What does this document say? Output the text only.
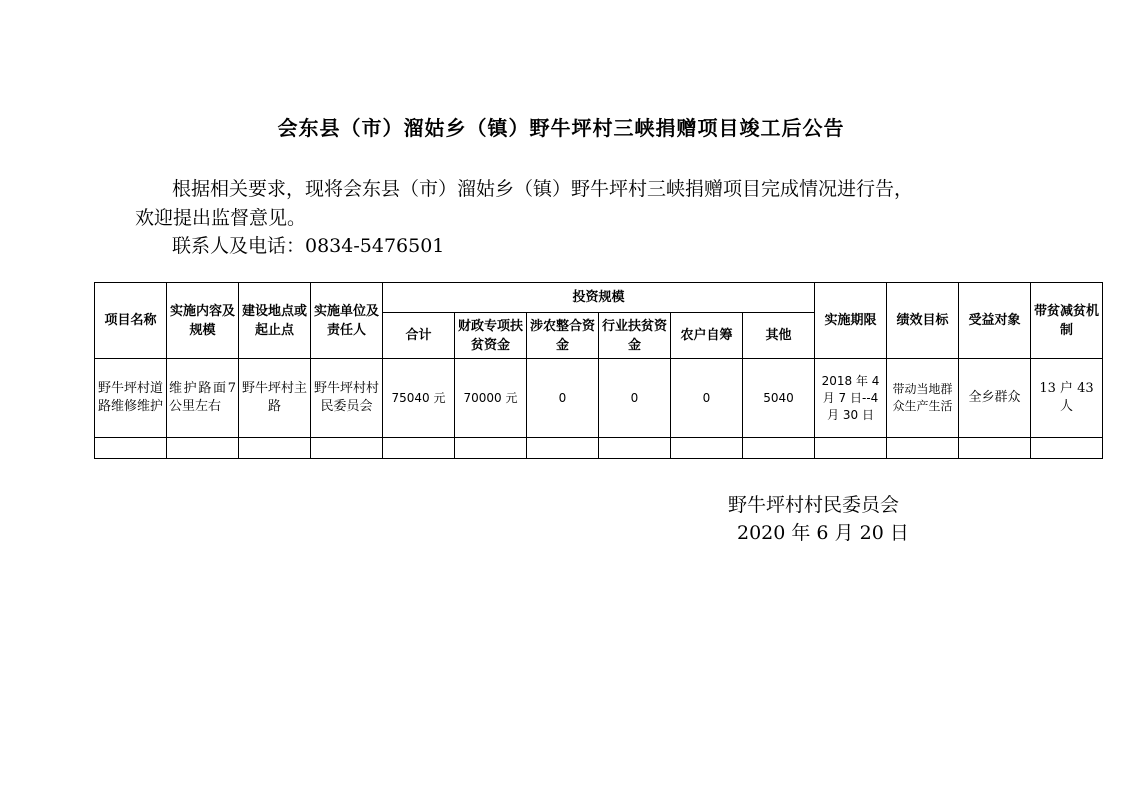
会东县（市）溜姑乡（镇）野牛坪村三峡捐赠项目竣工后公告
根据相关要求，现将会东县（市）溜姑乡（镇）野牛坪村三峡捐赠项目完成情况进行告，
欢迎提出监督意见。
联系人及电话：0834-5476501
项目名称	实施内容及规模	建设地点或起止点	实施单位及责任人	投资规模						实施期限	绩效目标	受益对象	带贫减贫机制
				合计	财政专项扶贫资金	涉农整合资金	行业扶贫资金	农户自筹	其他				
野牛坪村道路维修维护	维护路面7公里左右	野牛坪村主路	野牛坪村村民委员会	75040 元	70000 元	0	0	0	5040	2018 年 4 月 7 日--4 月 30 日	带动当地群众生产生活	全乡群众	13 户 43 人

野牛坪村村民委员会
2020 年 6 月 20 日
